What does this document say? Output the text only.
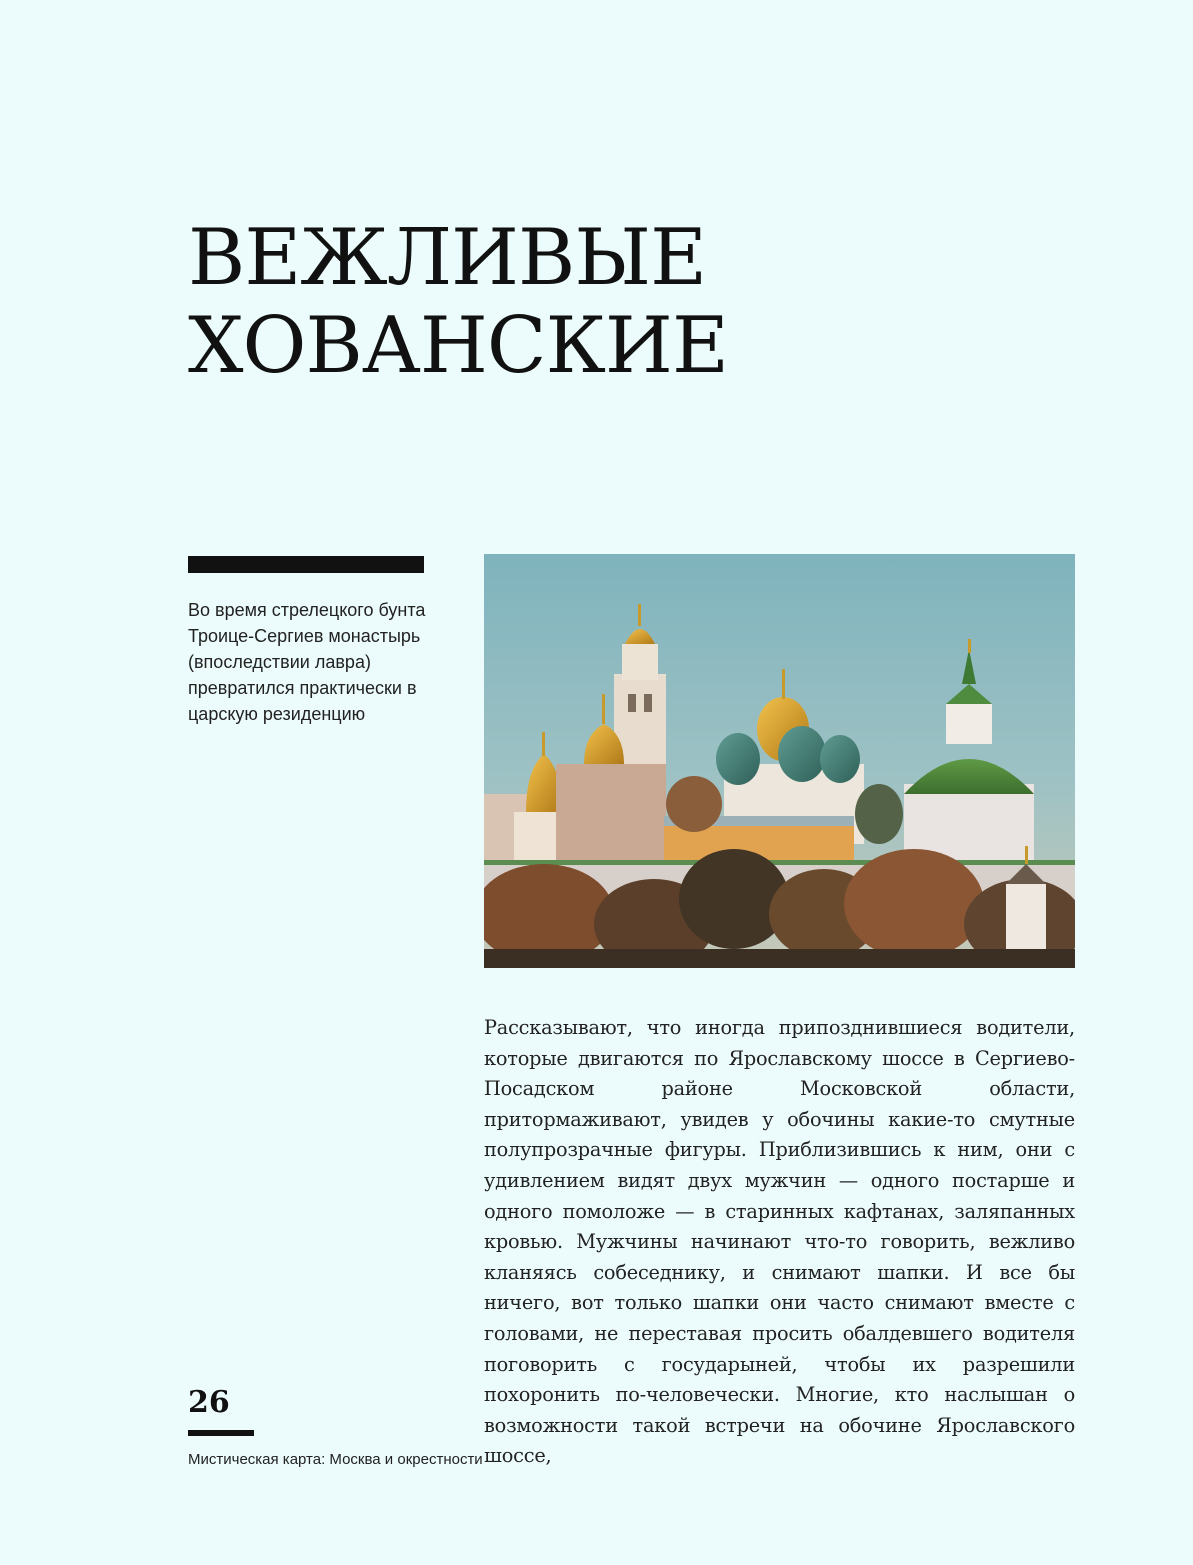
ВЕЖЛИВЫЕ
ХОВАНСКИЕ

Во время стрелецкого бунта Троице-Сергиев монастырь (впоследствии лавра) превратился практически в царскую резиденцию

Рассказывают, что иногда припозднившиеся водители, которые двигаются по Ярославскому шоссе в Сергиево-Посадском районе Московской области, притормаживают, увидев у обочины какие-то смутные полупрозрачные фигуры. Приблизившись к ним, они с удивлением видят двух мужчин — одного постарше и одного помоложе — в старинных кафтанах, заляпанных кровью. Мужчины начинают что-то говорить, вежливо кланяясь собеседнику, и снимают шапки. И все бы ничего, вот только шапки они часто снимают вместе с головами, не переставая просить обалдевшего водителя поговорить с государыней, чтобы их разрешили похоронить по-человечески. Многие, кто наслышан о возможности такой встречи на обочине Ярославского шоссе,
26
Мистическая карта: Москва и окрестности
